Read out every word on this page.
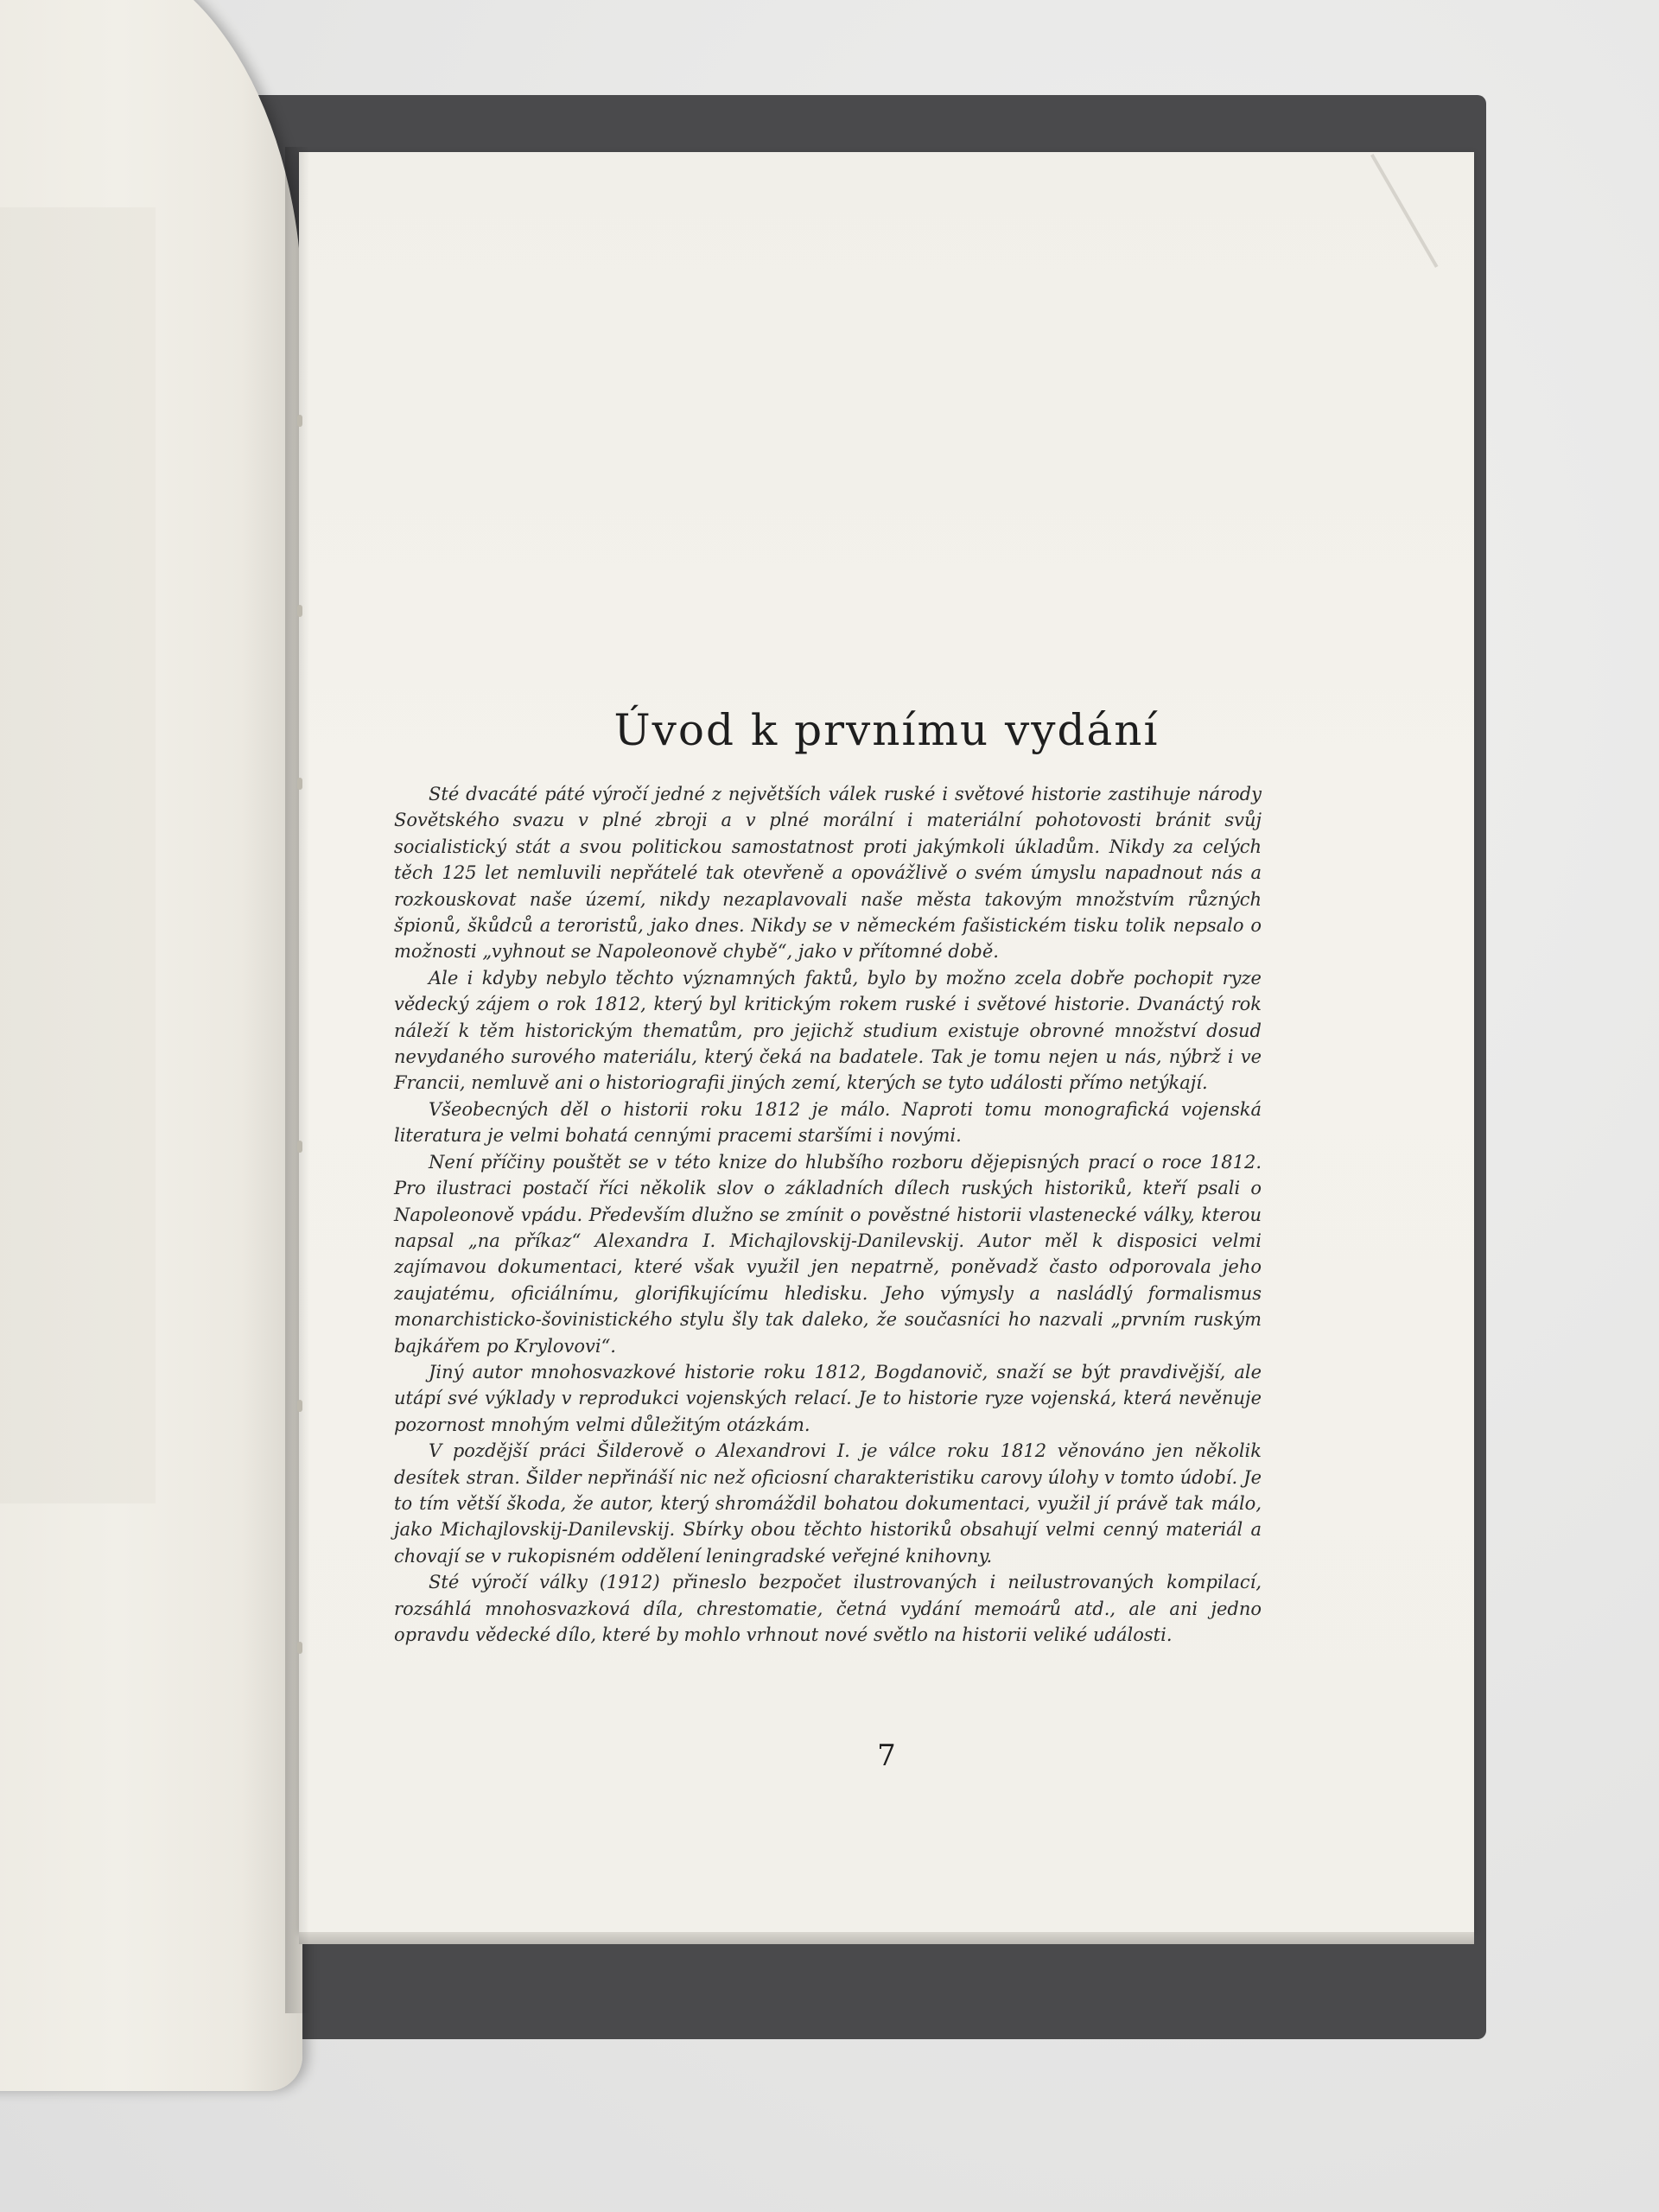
Úvod k prvnímu vydání

Sté dvacáté páté výročí jedné z největších válek ruské i světové historie zastihuje národy Sovětského svazu v plné zbroji a v plné morální i materiální pohotovosti bránit svůj socialistický stát a svou politickou samostatnost proti jakýmkoli úkladům. Nikdy za celých těch 125 let nemluvili nepřátelé tak otevřeně a opovážlivě o svém úmyslu napadnout nás a rozkouskovat naše území, nikdy nezaplavovali naše města takovým množstvím různých špionů, škůdců a teroristů, jako dnes. Nikdy se v německém fašistickém tisku tolik nepsalo o možnosti „vyhnout se Napoleonově chybě“, jako v přítomné době.

Ale i kdyby nebylo těchto významných faktů, bylo by možno zcela dobře pochopit ryze vědecký zájem o rok 1812, který byl kritickým rokem ruské i světové historie. Dvanáctý rok náleží k těm historickým thematům, pro jejichž studium existuje obrovné množství dosud nevydaného surového materiálu, který čeká na badatele. Tak je tomu nejen u nás, nýbrž i ve Francii, nemluvě ani o historiografii jiných zemí, kterých se tyto události přímo netýkají.

Všeobecných děl o historii roku 1812 je málo. Naproti tomu monografická vojenská literatura je velmi bohatá cennými pracemi staršími i novými.

Není příčiny pouštět se v této knize do hlubšího rozboru dějepisných prací o roce 1812. Pro ilustraci postačí říci několik slov o základních dílech ruských historiků, kteří psali o Napoleonově vpádu. Především dlužno se zmínit o pověstné historii vlastenecké války, kterou napsal „na příkaz“ Alexandra I. Michajlovskij-Danilevskij. Autor měl k disposici velmi zajímavou dokumentaci, které však využil jen nepatrně, poněvadž často odporovala jeho zaujatému, oficiálnímu, glorifikujícímu hledisku. Jeho výmysly a nasládlý formalismus monarchisticko-šovinistického stylu šly tak daleko, že současníci ho nazvali „prvním ruským bajkářem po Krylovovi“.

Jiný autor mnohosvazkové historie roku 1812, Bogdanovič, snaží se být pravdivější, ale utápí své výklady v reprodukci vojenských relací. Je to historie ryze vojenská, která nevěnuje pozornost mnohým velmi důležitým otázkám.

V pozdější práci Šilderově o Alexandrovi I. je válce roku 1812 věnováno jen několik desítek stran. Šilder nepřináší nic než oficiosní charakteristiku carovy úlohy v tomto údobí. Je to tím větší škoda, že autor, který shromáždil bohatou dokumentaci, využil jí právě tak málo, jako Michajlovskij-Danilevskij. Sbírky obou těchto historiků obsahují velmi cenný materiál a chovají se v rukopisném oddělení leningradské veřejné knihovny.

Sté výročí války (1912) přineslo bezpočet ilustrovaných i neilustrovaných kompilací, rozsáhlá mnohosvazková díla, chrestomatie, četná vydání memoárů atd., ale ani jedno opravdu vědecké dílo, které by mohlo vrhnout nové světlo na historii veliké události.

7
